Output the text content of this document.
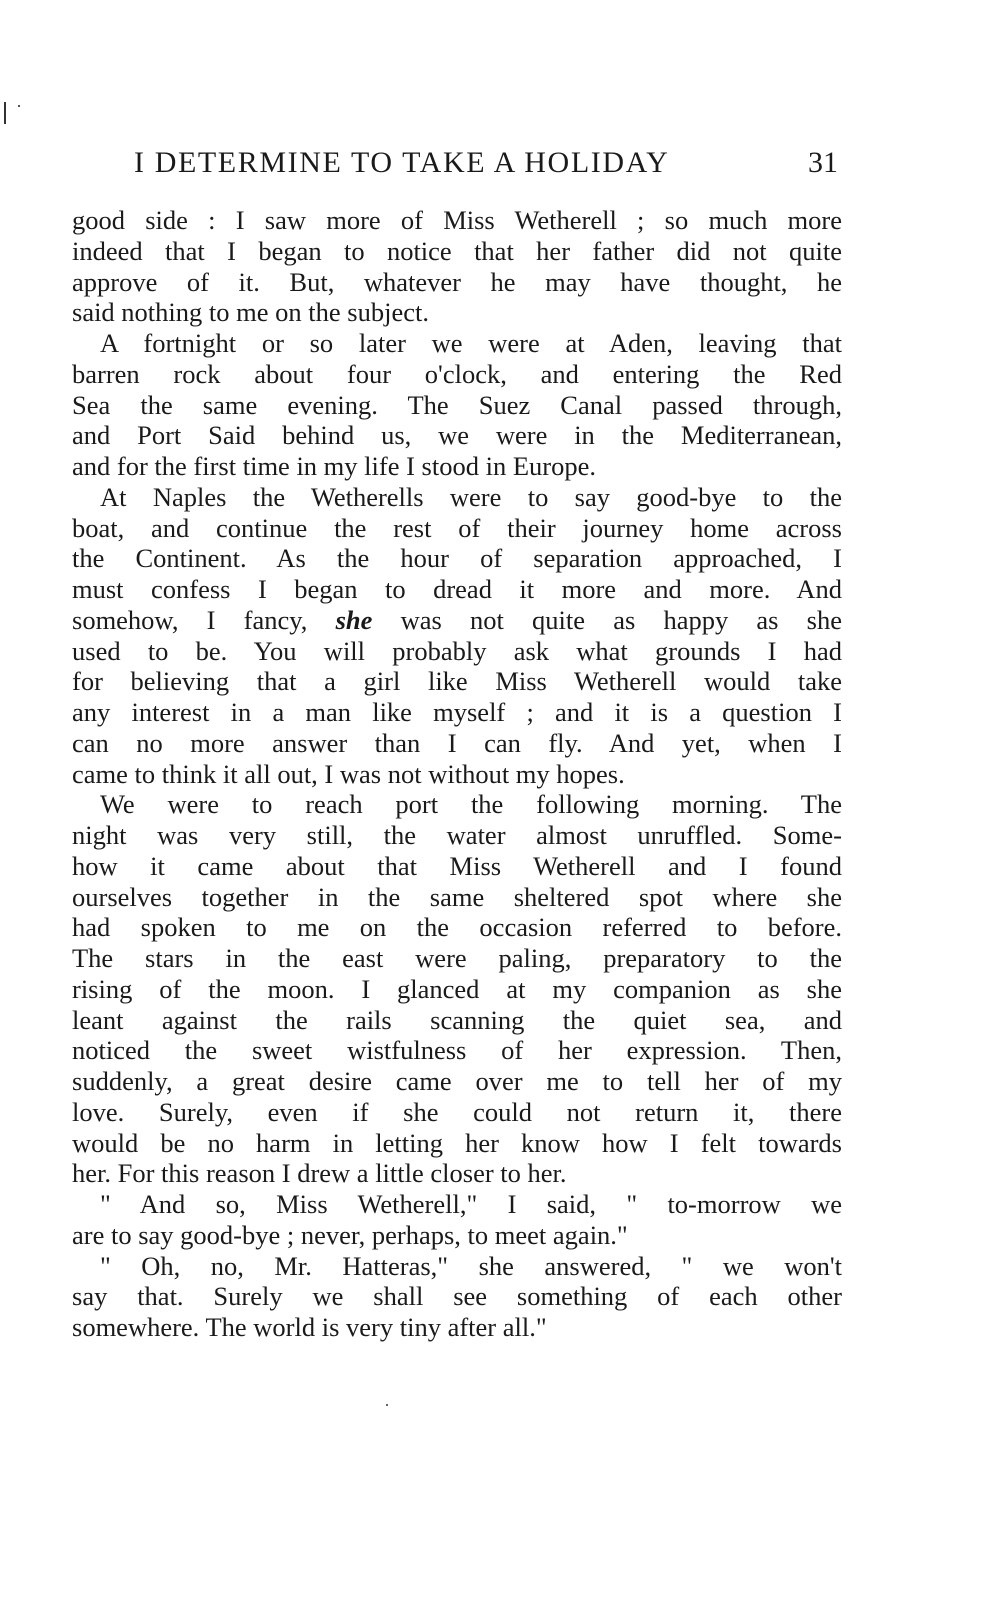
I DETERMINE TO TAKE A HOLIDAY	31
good side : I saw more of Miss Wetherell ; so much more
indeed that I began to notice that her father did not quite
approve of it. But, whatever he may have thought, he
said nothing to me on the subject.
A fortnight or so later we were at Aden, leaving that
barren rock about four o'clock, and entering the Red
Sea the same evening. The Suez Canal passed through,
and Port Said behind us, we were in the Mediterranean,
and for the first time in my life I stood in Europe.
At Naples the Wetherells were to say good-bye to the
boat, and continue the rest of their journey home across
the Continent. As the hour of separation approached, I
must confess I began to dread it more and more. And
somehow, I fancy, she was not quite as happy as she
used to be. You will probably ask what grounds I had
for believing that a girl like Miss Wetherell would take
any interest in a man like myself ; and it is a question I
can no more answer than I can fly. And yet, when I
came to think it all out, I was not without my hopes.
We were to reach port the following morning. The
night was very still, the water almost unruffled. Some-
how it came about that Miss Wetherell and I found
ourselves together in the same sheltered spot where she
had spoken to me on the occasion referred to before.
The stars in the east were paling, preparatory to the
rising of the moon. I glanced at my companion as she
leant against the rails scanning the quiet sea, and
noticed the sweet wistfulness of her expression. Then,
suddenly, a great desire came over me to tell her of my
love. Surely, even if she could not return it, there
would be no harm in letting her know how I felt towards
her. For this reason I drew a little closer to her.
" And so, Miss Wetherell," I said, " to-morrow we
are to say good-bye ; never, perhaps, to meet again."
" Oh, no, Mr. Hatteras," she answered, " we won't
say that. Surely we shall see something of each other
somewhere. The world is very tiny after all."
